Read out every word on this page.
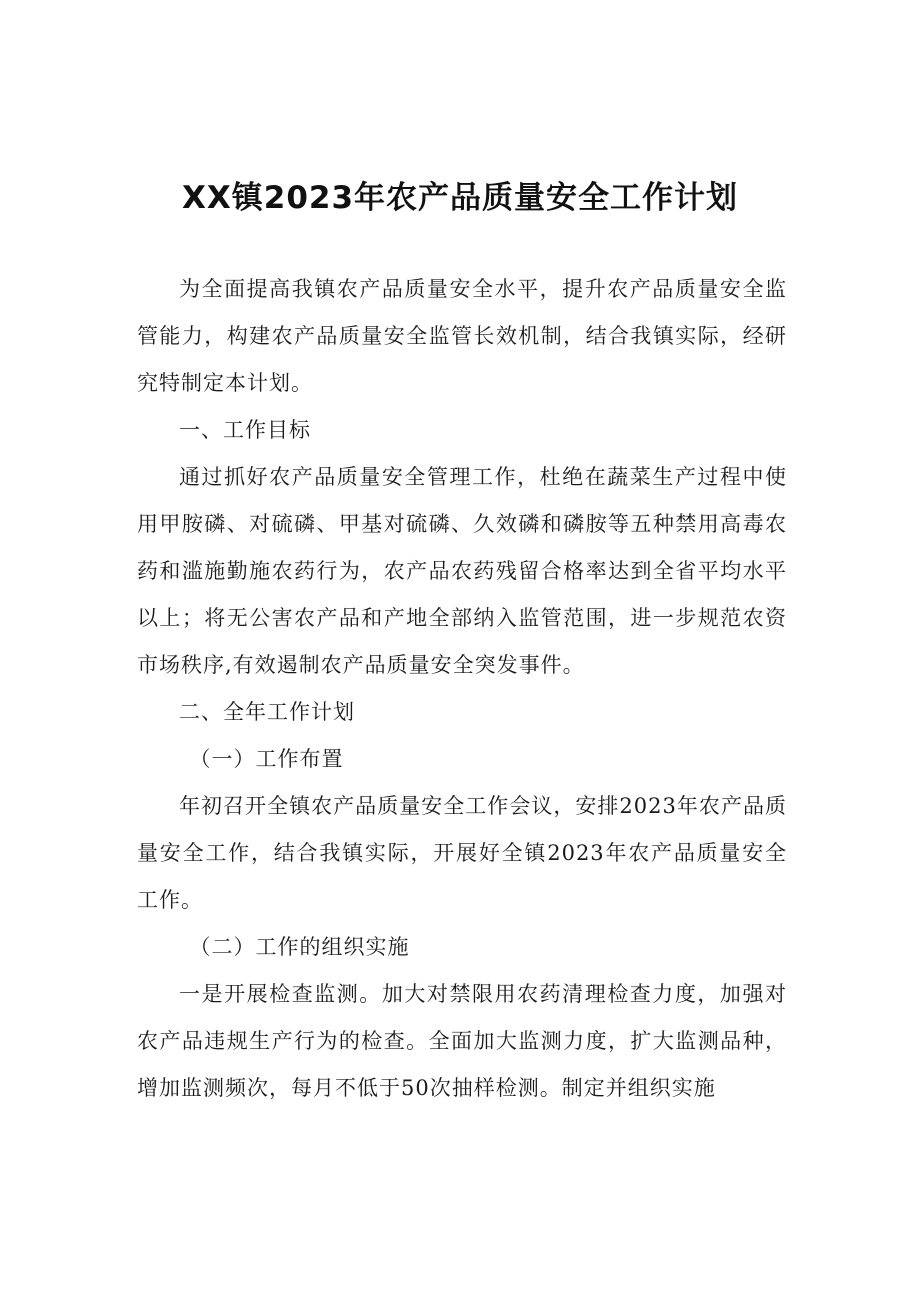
XX镇2023年农产品质量安全工作计划

为全面提高我镇农产品质量安全水平，提升农产品质量安全监管能力，构建农产品质量安全监管长效机制，结合我镇实际，经研究特制定本计划。

一、工作目标

通过抓好农产品质量安全管理工作，杜绝在蔬菜生产过程中使用甲胺磷、对硫磷、甲基对硫磷、久效磷和磷胺等五种禁用高毒农药和滥施勤施农药行为，农产品农药残留合格率达到全省平均水平以上；将无公害农产品和产地全部纳入监管范围，进一步规范农资市场秩序,有效遏制农产品质量安全突发事件。

二、全年工作计划

（一）工作布置

年初召开全镇农产品质量安全工作会议，安排2023年农产品质量安全工作，结合我镇实际，开展好全镇2023年农产品质量安全工作。

（二）工作的组织实施

一是开展检查监测。加大对禁限用农药清理检查力度，加强对农产品违规生产行为的检查。全面加大监测力度，扩大监测品种，增加监测频次，每月不低于50次抽样检测。制定并组织实施
